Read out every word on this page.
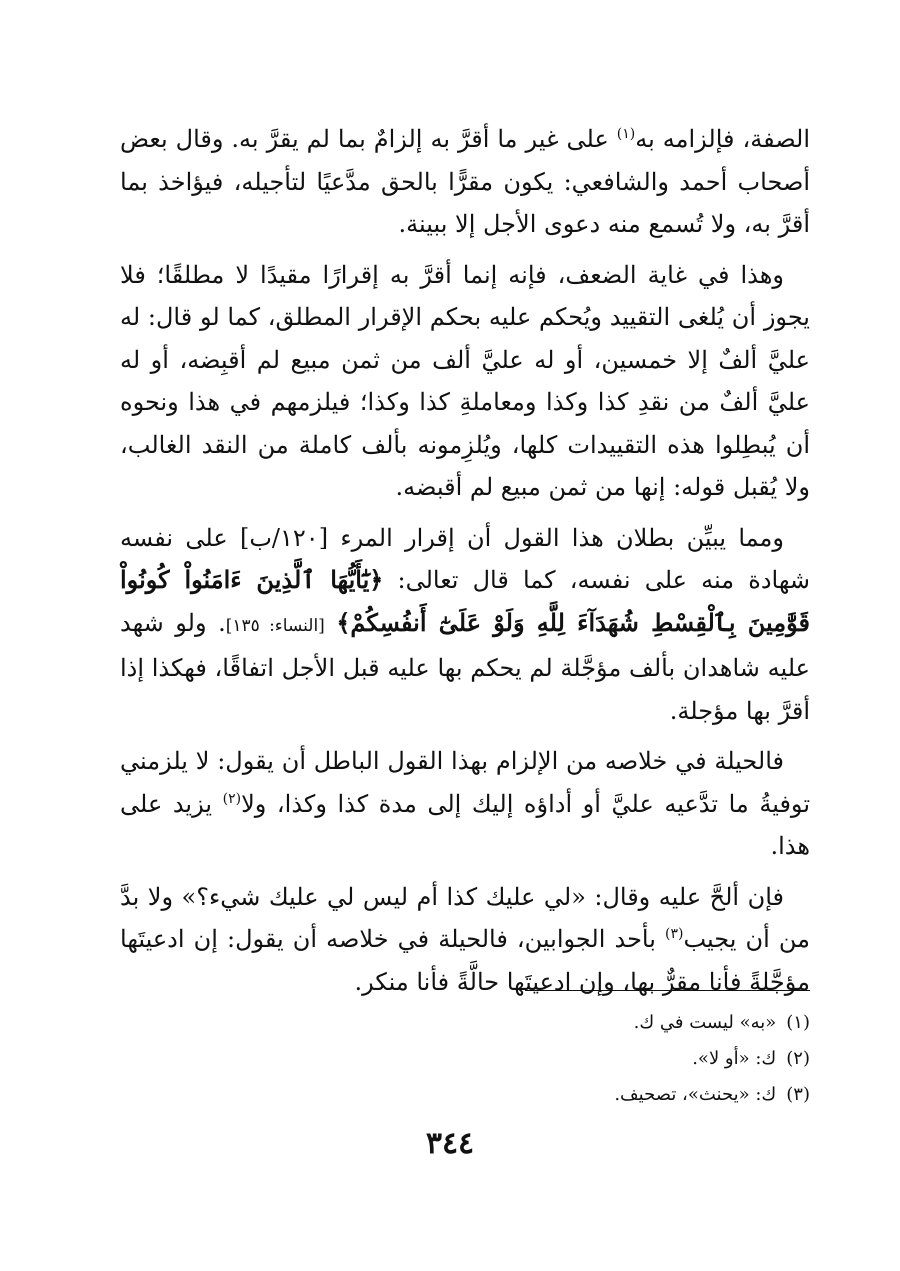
الصفة، فإلزامه به$^{(١)}$ على غير ما أقرَّ به إلزامٌ بما لم يقرَّ به. وقال بعض أصحاب أحمد والشافعي: يكون مقرًّا بالحق مدَّعيًا لتأجيله، فيؤاخذ بما أقرَّ به، ولا تُسمع منه دعوى الأجل إلا ببينة.

وهذا في غاية الضعف، فإنه إنما أقرَّ به إقرارًا مقيدًا لا مطلقًا؛ فلا يجوز أن يُلغى التقييد ويُحكم عليه بحكم الإقرار المطلق، كما لو قال: له عليَّ ألفٌ إلا خمسين، أو له عليَّ ألف من ثمن مبيع لم أقبِضه، أو له عليَّ ألفٌ من نقدِ كذا وكذا ومعاملةِ كذا وكذا؛ فيلزمهم في هذا ونحوه أن يُبطِلوا هذه التقييدات كلها، ويُلزِمونه بألف كاملة من النقد الغالب، ولا يُقبل قوله: إنها من ثمن مبيع لم أقبضه.

ومما يبيِّن بطلان هذا القول أن إقرار المرء [١٢٠/ب] على نفسه شهادة منه على نفسه، كما قال تعالى: ﴿يَٰٓأَيُّهَا ٱلَّذِينَ ءَامَنُواْ كُونُواْ قَوَّٰمِينَ بِٱلْقِسْطِ شُهَدَآءَ لِلَّهِ وَلَوْ عَلَىٰٓ أَنفُسِكُمْ﴾ [النساء: ١٣٥]. ولو شهد عليه شاهدان بألف مؤجَّلة لم يحكم بها عليه قبل الأجل اتفاقًا، فهكذا إذا أقرَّ بها مؤجلة.

فالحيلة في خلاصه من الإلزام بهذا القول الباطل أن يقول: لا يلزمني توفيةُ ما تدَّعيه عليَّ أو أداؤه إليك إلى مدة كذا وكذا، ولا$^{(٢)}$ يزيد على هذا.

فإن ألحَّ عليه وقال: «لي عليك كذا أم ليس لي عليك شيء؟» ولا بدَّ من أن يجيب$^{(٣)}$ بأحد الجوابين، فالحيلة في خلاصه أن يقول: إن ادعيتَها مؤجَّلةً فأنا مقرٌّ بها، وإن ادعيتَها حالَّةً فأنا منكر.

(١)«به» ليست في ك.
(٢)ك: «أو لا».
(٣)ك: «يحنث»، تصحيف.
٣٤٤
